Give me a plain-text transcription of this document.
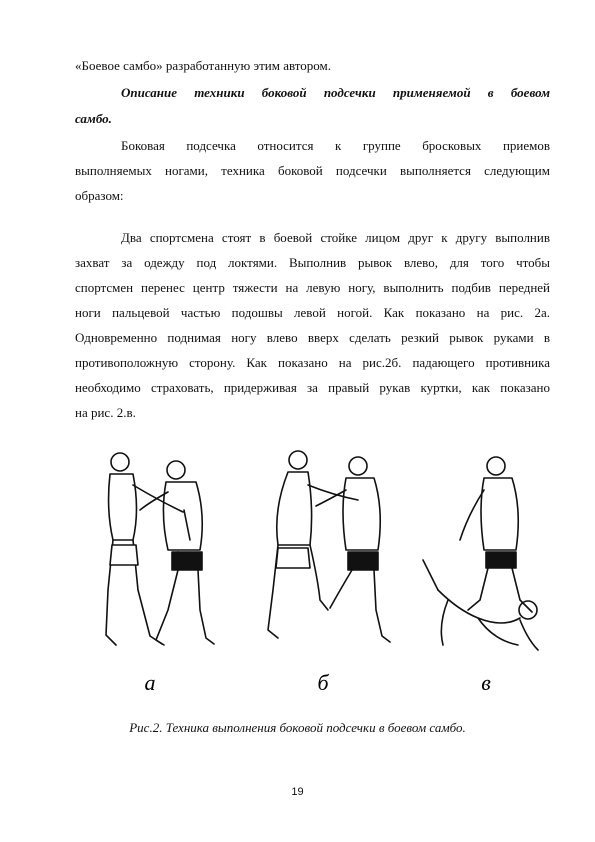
«Боевое самбо» разработанную этим автором.
Описание техники боковой подсечки применяемой в боевом
самбо.
Боковая подсечка относится к группе бросковых приемов
выполняемых ногами, техника боковой подсечки выполняется следующим
образом:
Два спортсмена стоят в боевой стойке лицом друг к другу выполнив
захват за одежду под локтями. Выполнив рывок влево, для того чтобы
спортсмен перенес центр тяжести на левую ногу, выполнить подбив передней
ноги пальцевой частью подошвы левой ногой. Как показано на рис. 2а.
Одновременно поднимая ногу влево вверх сделать резкий рывок руками в
противоположную сторону. Как показано на рис.2б. падающего противника
необходимо страховать, придерживая за правый рукав куртки, как показано
на рис. 2.в.
а	б	в
Рис.2. Техника выполнения боковой подсечки в боевом самбо.
19
